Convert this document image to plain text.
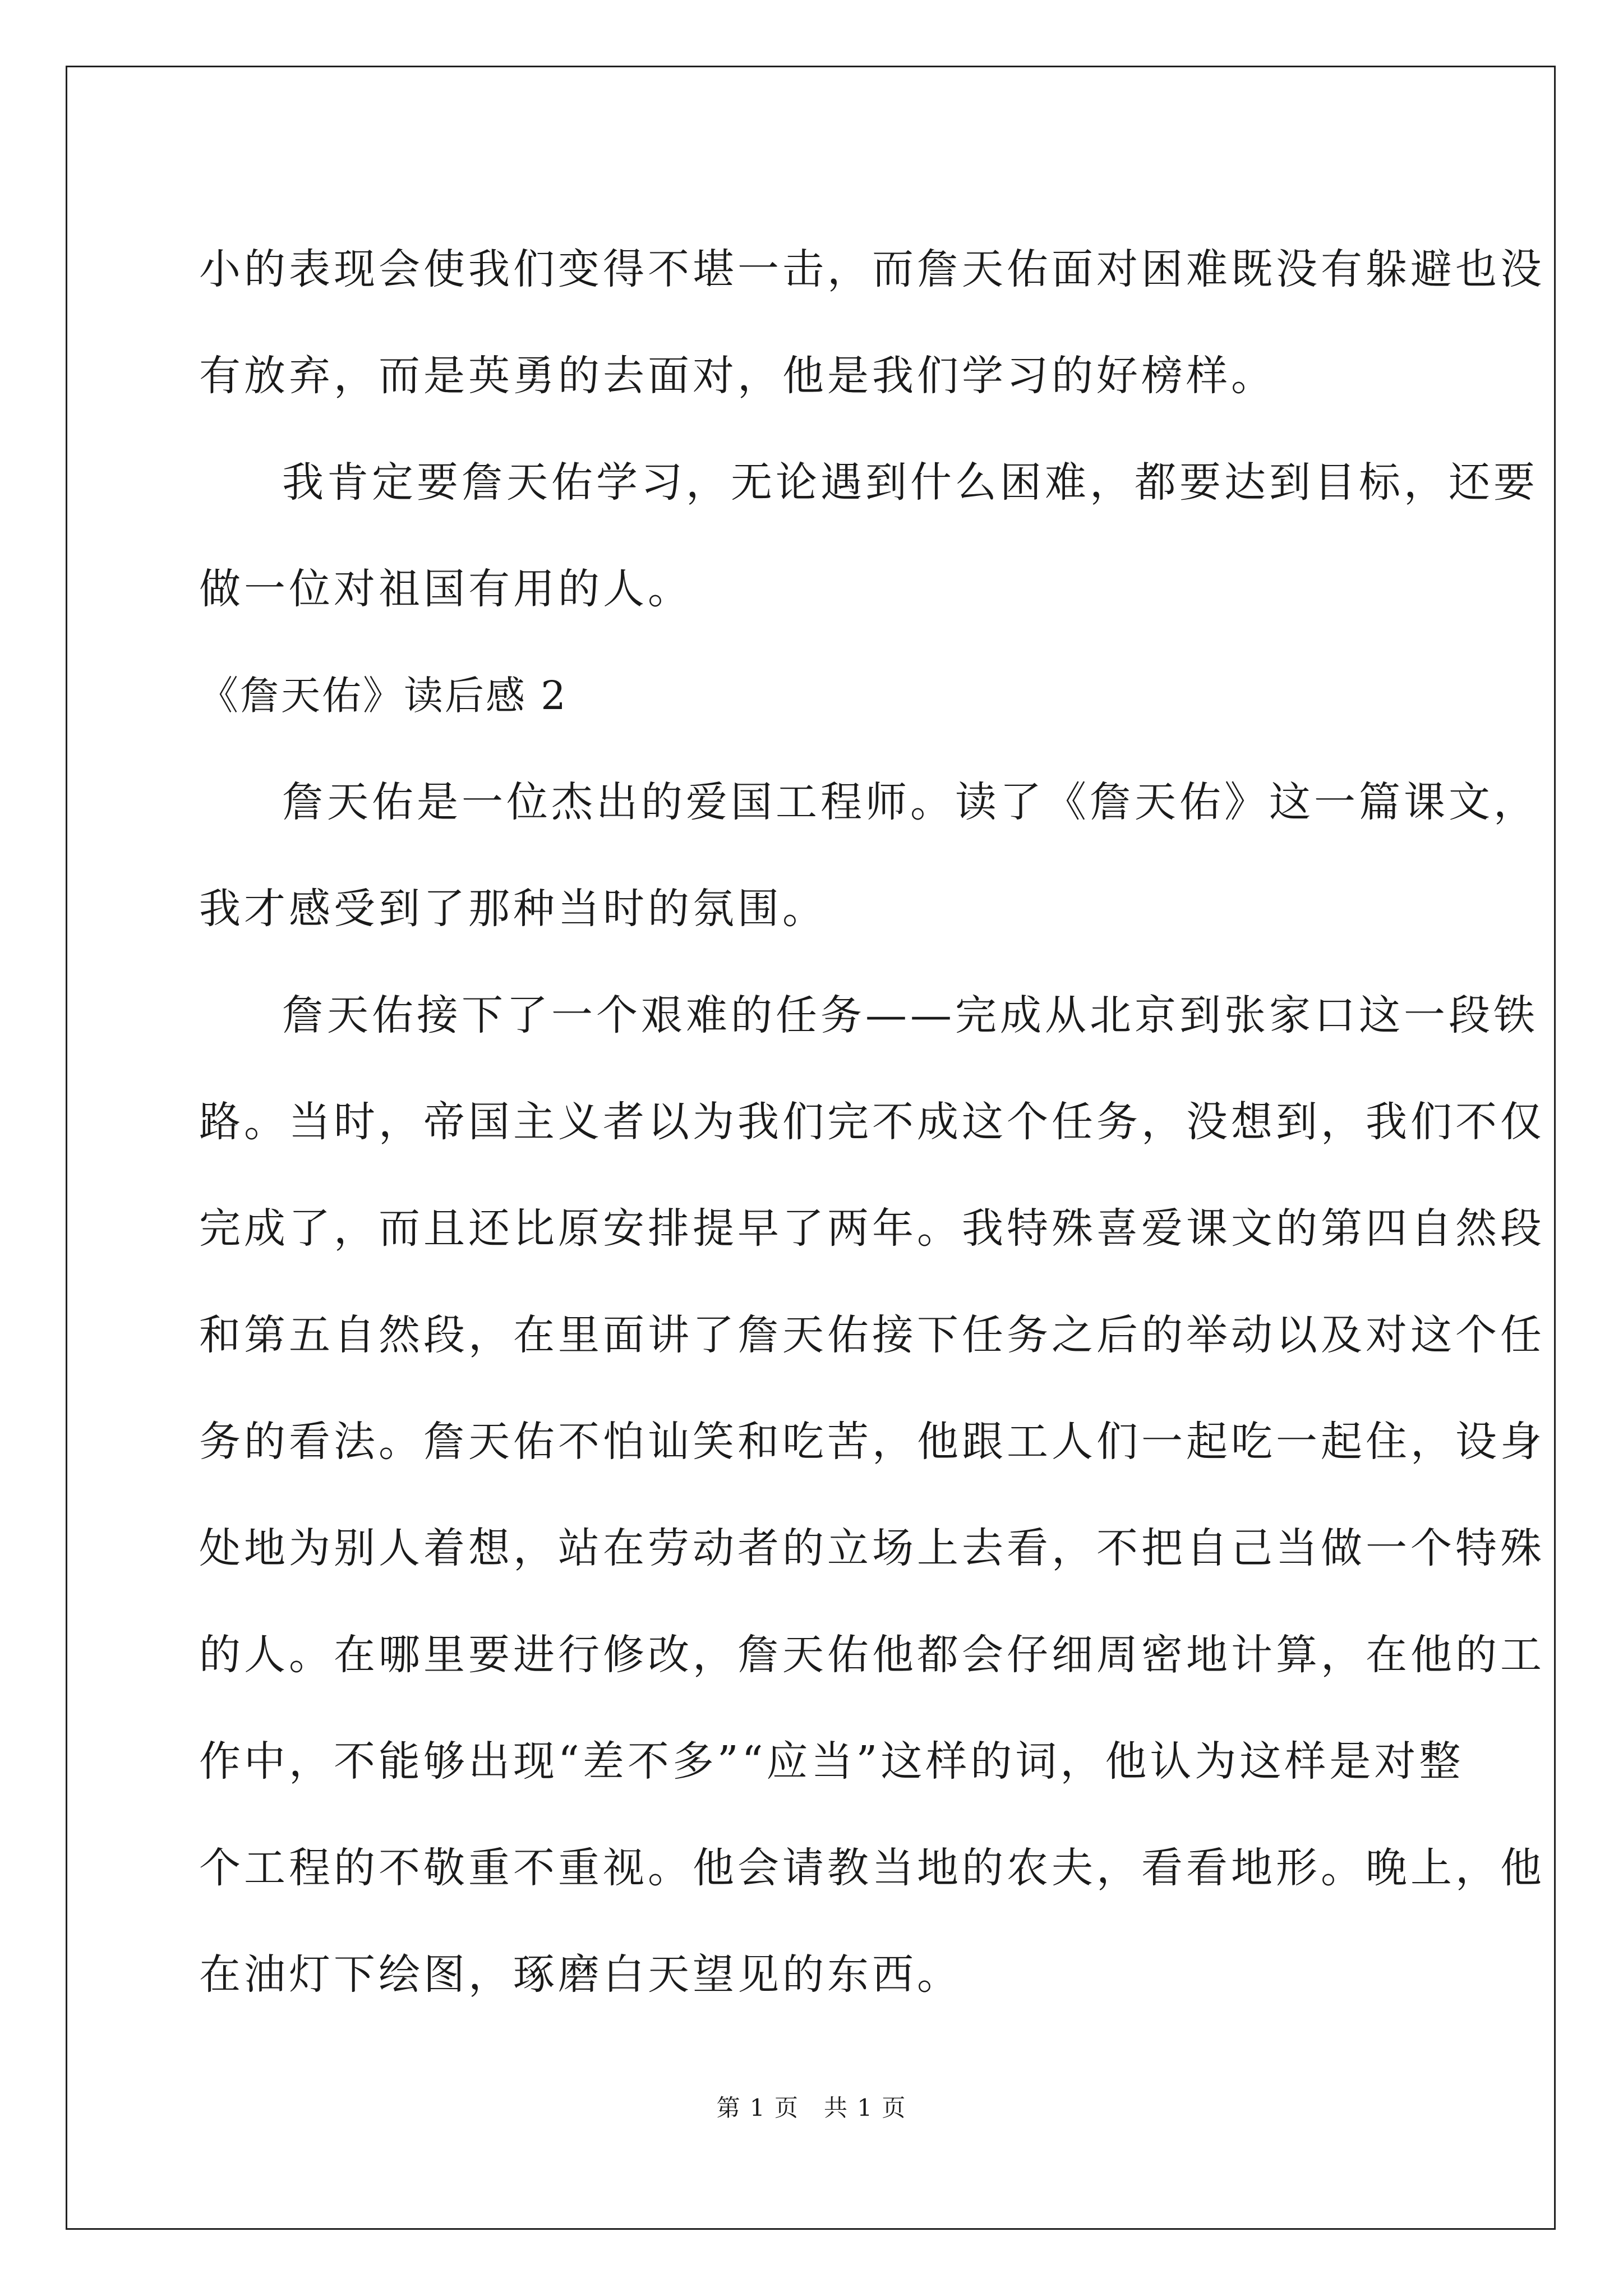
小的表现会使我们变得不堪一击，而詹天佑面对困难既没有躲避也没
有放弃，而是英勇的去面对，他是我们学习的好榜样。
我肯定要詹天佑学习，无论遇到什么困难，都要达到目标，还要
做一位对祖国有用的人。
《詹天佑》读后感 2
詹天佑是一位杰出的爱国工程师。读了《詹天佑》这一篇课文，
我才感受到了那种当时的氛围。
詹天佑接下了一个艰难的任务——完成从北京到张家口这一段铁
路。当时，帝国主义者以为我们完不成这个任务，没想到，我们不仅
完成了，而且还比原安排提早了两年。我特殊喜爱课文的第四自然段
和第五自然段，在里面讲了詹天佑接下任务之后的举动以及对这个任
务的看法。詹天佑不怕讪笑和吃苦，他跟工人们一起吃一起住，设身
处地为别人着想，站在劳动者的立场上去看，不把自己当做一个特殊
的人。在哪里要进行修改，詹天佑他都会仔细周密地计算，在他的工
作中，不能够出现“差不多”“应当”这样的词，他认为这样是对整
个工程的不敬重不重视。他会请教当地的农夫，看看地形。晚上，他
在油灯下绘图，琢磨白天望见的东西。
第 1 页　共 1 页
